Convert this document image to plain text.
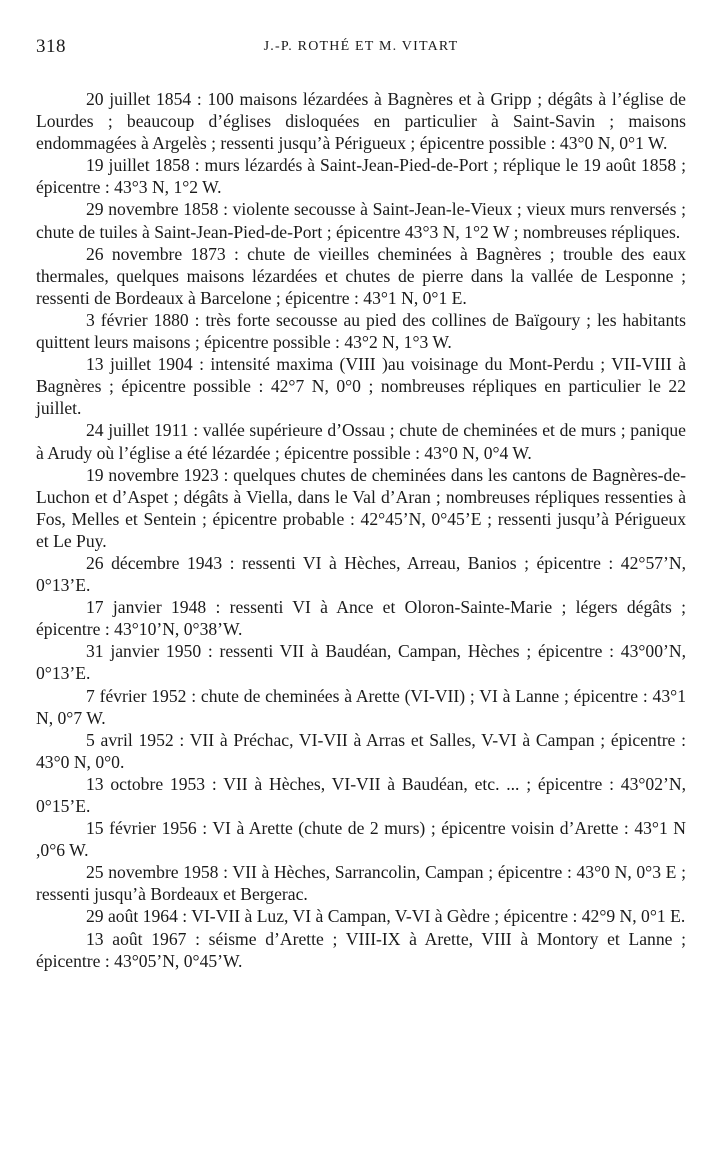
318	J.-P. ROTHÉ ET M. VITART

20 juillet 1854 : 100 maisons lézardées à Bagnères et à Gripp ; dégâts à l’église de Lourdes ; beaucoup d’églises disloquées en particulier à Saint-Savin ; maisons endommagées à Argelès ; ressenti jusqu’à Périgueux ; épicentre possible : 43°0 N, 0°1 W.

19 juillet 1858 : murs lézardés à Saint-Jean-Pied-de-Port ; réplique le 19 août 1858 ; épicentre : 43°3 N, 1°2 W.

29 novembre 1858 : violente secousse à Saint-Jean-le-Vieux ; vieux murs renversés ; chute de tuiles à Saint-Jean-Pied-de-Port ; épicentre 43°3 N, 1°2 W ; nombreuses répliques.

26 novembre 1873 : chute de vieilles cheminées à Bagnères ; trouble des eaux thermales, quelques maisons lézardées et chutes de pierre dans la vallée de Lesponne ; ressenti de Bordeaux à Barcelone ; épicentre : 43°1 N, 0°1 E.

3 février 1880 : très forte secousse au pied des collines de Baïgoury ; les habitants quittent leurs maisons ; épicentre possible : 43°2 N, 1°3 W.

13 juillet 1904 : intensité maxima (VIII )au voisinage du Mont-Perdu ; VII-VIII à Bagnères ; épicentre possible : 42°7 N, 0°0 ; nombreuses répliques en particulier le 22 juillet.

24 juillet 1911 : vallée supérieure d’Ossau ; chute de cheminées et de murs ; panique à Arudy où l’église a été lézardée ; épicentre possible : 43°0 N, 0°4 W.

19 novembre 1923 : quelques chutes de cheminées dans les cantons de Bagnères-de-Luchon et d’Aspet ; dégâts à Viella, dans le Val d’Aran ; nombreuses répliques ressenties à Fos, Melles et Sentein ; épicentre probable : 42°45’N, 0°45’E ; ressenti jusqu’à Périgueux et Le Puy.

26 décembre 1943 : ressenti VI à Hèches, Arreau, Banios ; épicentre : 42°57’N, 0°13’E.

17 janvier 1948 : ressenti VI à Ance et Oloron-Sainte-Marie ; légers dégâts ; épicentre : 43°10’N, 0°38’W.

31 janvier 1950 : ressenti VII à Baudéan, Campan, Hèches ; épicentre : 43°00’N, 0°13’E.

7 février 1952 : chute de cheminées à Arette (VI-VII) ; VI à Lanne ; épicentre : 43°1 N, 0°7 W.

5 avril 1952 : VII à Préchac, VI-VII à Arras et Salles, V-VI à Campan ; épicentre : 43°0 N, 0°0.

13 octobre 1953 : VII à Hèches, VI-VII à Baudéan, etc. ... ; épicentre : 43°02’N, 0°15’E.

15 février 1956 : VI à Arette (chute de 2 murs) ; épicentre voisin d’Arette : 43°1 N ,0°6 W.

25 novembre 1958 : VII à Hèches, Sarrancolin, Campan ; épicentre : 43°0 N, 0°3 E ; ressenti jusqu’à Bordeaux et Bergerac.

29 août 1964 : VI-VII à Luz, VI à Campan, V-VI à Gèdre ; épicentre : 42°9 N, 0°1 E.

13 août 1967 : séisme d’Arette ; VIII-IX à Arette, VIII à Montory et Lanne ; épicentre : 43°05’N, 0°45’W.
